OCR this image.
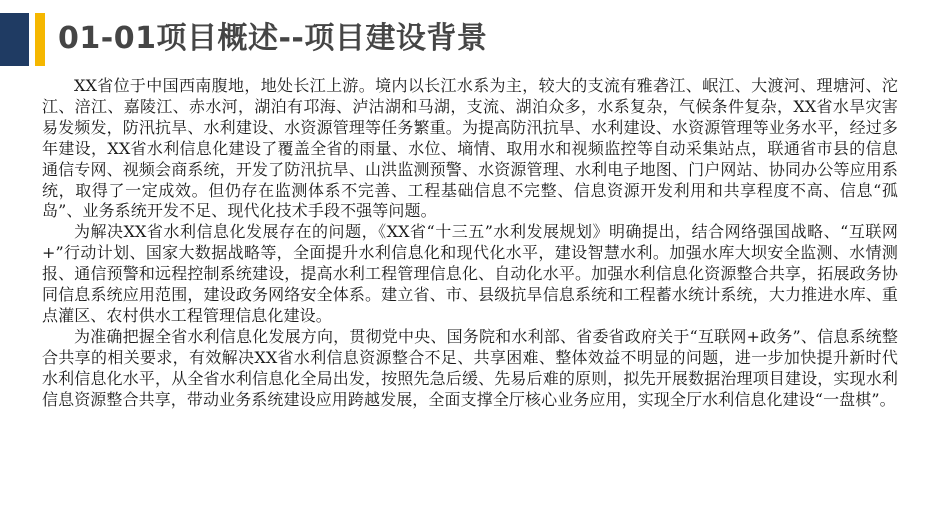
01-01项目概述--项目建设背景

XX省位于中国西南腹地，地处长江上游。境内以长江水系为主，较大的支流有雅砻江、岷江、大渡河、理塘河、沱江、涪江、嘉陵江、赤水河，湖泊有邛海、泸沽湖和马湖，支流、湖泊众多，水系复杂，气候条件复杂，XX省水旱灾害易发频发，防汛抗旱、水利建设、水资源管理等任务繁重。为提高防汛抗旱、水利建设、水资源管理等业务水平，经过多年建设，XX省水利信息化建设了覆盖全省的雨量、水位、墒情、取用水和视频监控等自动采集站点，联通省市县的信息通信专网、视频会商系统，开发了防汛抗旱、山洪监测预警、水资源管理、水利电子地图、门户网站、协同办公等应用系统，取得了一定成效。但仍存在监测体系不完善、工程基础信息不完整、信息资源开发利用和共享程度不高、信息“孤岛”、业务系统开发不足、现代化技术手段不强等问题。

为解决XX省水利信息化发展存在的问题，《XX省“十三五”水利发展规划》明确提出，结合网络强国战略、“互联网+”行动计划、国家大数据战略等，全面提升水利信息化和现代化水平，建设智慧水利。加强水库大坝安全监测、水情测报、通信预警和远程控制系统建设，提高水利工程管理信息化、自动化水平。加强水利信息化资源整合共享，拓展政务协同信息系统应用范围，建设政务网络安全体系。建立省、市、县级抗旱信息系统和工程蓄水统计系统，大力推进水库、重点灌区、农村供水工程管理信息化建设。

为准确把握全省水利信息化发展方向，贯彻党中央、国务院和水利部、省委省政府关于“互联网+政务”、信息系统整合共享的相关要求，有效解决XX省水利信息资源整合不足、共享困难、整体效益不明显的问题，进一步加快提升新时代水利信息化水平，从全省水利信息化全局出发，按照先急后缓、先易后难的原则，拟先开展数据治理项目建设，实现水利信息资源整合共享，带动业务系统建设应用跨越发展，全面支撑全厅核心业务应用，实现全厅水利信息化建设“一盘棋”。
